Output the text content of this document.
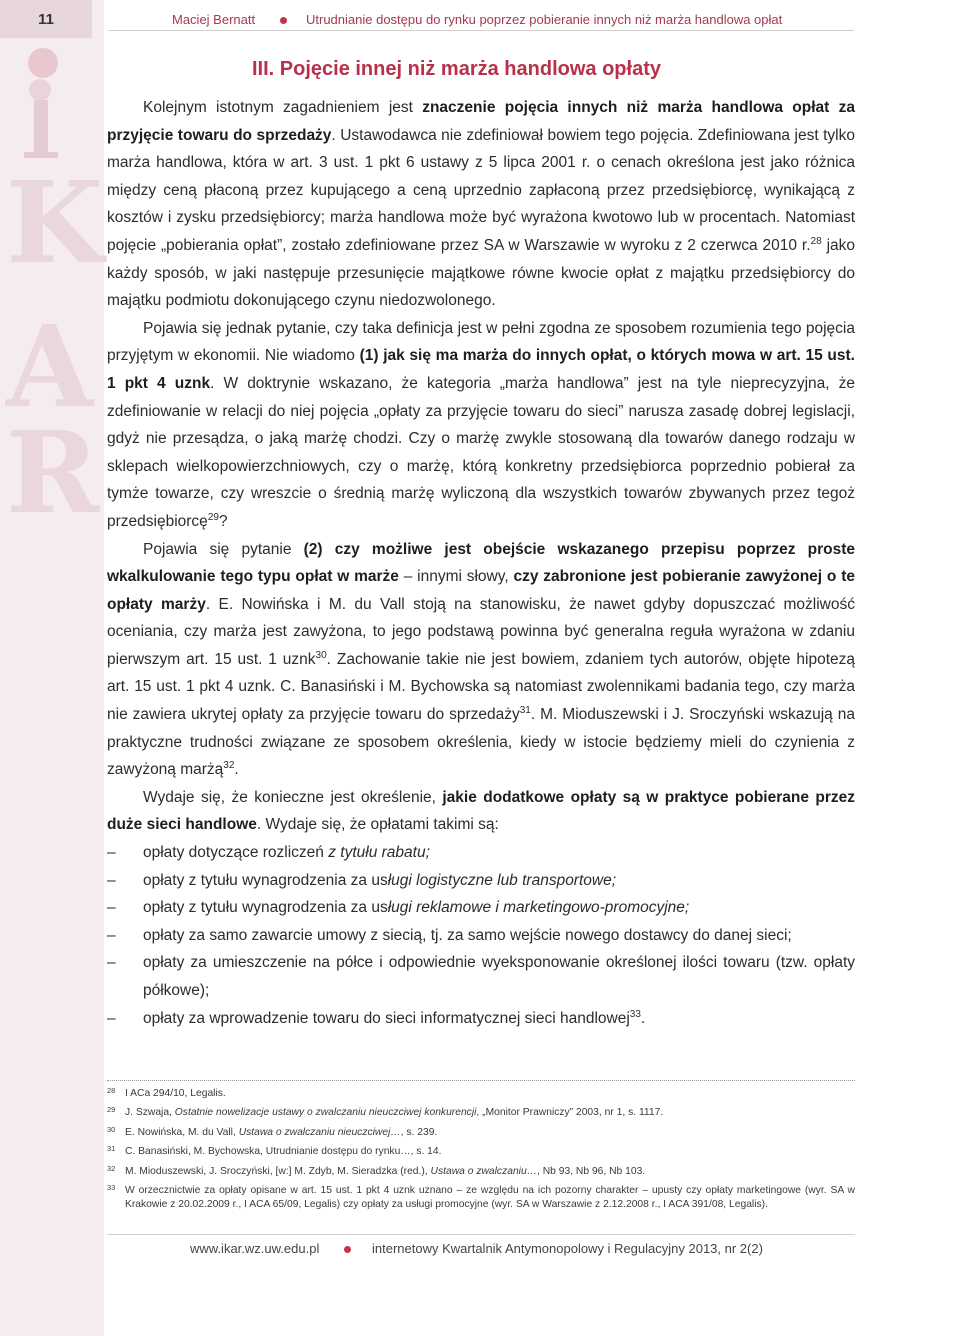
11
K
A
R
Maciej Bernatt	Utrudnianie dostępu do rynku poprzez pobieranie innych niż marża handlowa opłat
III. Pojęcie innej niż marża handlowa opłaty

Kolejnym istotnym zagadnieniem jest znaczenie pojęcia innych niż marża handlowa opłat za przyjęcie towaru do sprzedaży. Ustawodawca nie zdefiniował bowiem tego pojęcia. Zdefiniowana jest tylko marża handlowa, która w art. 3 ust. 1 pkt 6 ustawy z 5 lipca 2001 r. o cenach określona jest jako różnica między ceną płaconą przez kupującego a ceną uprzednio zapłaconą przez przedsiębiorcę, wynikającą z kosztów i zysku przedsiębiorcy; marża handlowa może być wyrażona kwotowo lub w procentach. Natomiast pojęcie „pobierania opłat”, zostało zdefiniowane przez SA w Warszawie w wyroku z 2 czerwca 2010 r.$^{28}$ jako każdy sposób, w jaki następuje przesunięcie majątkowe równe kwocie opłat z majątku przedsiębiorcy do majątku podmiotu dokonującego czynu niedozwolonego.

Pojawia się jednak pytanie, czy taka definicja jest w pełni zgodna ze sposobem rozumienia tego pojęcia przyjętym w ekonomii. Nie wiadomo (1) jak się ma marża do innych opłat, o których mowa w art. 15 ust. 1 pkt 4 uznk. W doktrynie wskazano, że kategoria „marża handlowa” jest na tyle nieprecyzyjna, że zdefiniowanie w relacji do niej pojęcia „opłaty za przyjęcie towaru do sieci” narusza zasadę dobrej legislacji, gdyż nie przesądza, o jaką marżę chodzi. Czy o marżę zwykle stosowaną dla towarów danego rodzaju w sklepach wielkopowierzchniowych, czy o marżę, którą konkretny przedsiębiorca poprzednio pobierał za tymże towarze, czy wreszcie o średnią marżę wyliczoną dla wszystkich towarów zbywanych przez tegoż przedsiębiorcę$^{29}$?

Pojawia się pytanie (2) czy możliwe jest obejście wskazanego przepisu poprzez proste wkalkulowanie tego typu opłat w marże – innymi słowy, czy zabronione jest pobieranie zawyżonej o te opłaty marży. E. Nowińska i M. du Vall stoją na stanowisku, że nawet gdyby dopuszczać możliwość oceniania, czy marża jest zawyżona, to jego podstawą powinna być generalna reguła wyrażona w zdaniu pierwszym art. 15 ust. 1 uznk$^{30}$. Zachowanie takie nie jest bowiem, zdaniem tych autorów, objęte hipotezą art. 15 ust. 1 pkt 4 uznk. C. Banasiński i M. Bychowska są natomiast zwolennikami badania tego, czy marża nie zawiera ukrytej opłaty za przyjęcie towaru do sprzedaży$^{31}$. M. Mioduszewski i J. Sroczyński wskazują na praktyczne trudności związane ze sposobem określenia, kiedy w istocie będziemy mieli do czynienia z zawyżoną marżą$^{32}$.

Wydaje się, że konieczne jest określenie, jakie dodatkowe opłaty są w praktyce pobierane przez duże sieci handlowe. Wydaje się, że opłatami takimi są:

– opłaty dotyczące rozliczeń z tytułu rabatu;
– opłaty z tytułu wynagrodzenia za usługi logistyczne lub transportowe;
– opłaty z tytułu wynagrodzenia za usługi reklamowe i marketingowo-promocyjne;
– opłaty za samo zawarcie umowy z siecią, tj. za samo wejście nowego dostawcy do danej sieci;
– opłaty za umieszczenie na półce i odpowiednie wyeksponowanie określonej ilości towaru (tzw. opłaty półkowe);
– opłaty za wprowadzenie towaru do sieci informatycznej sieci handlowej$^{33}$.
28 I ACa 294/10, Legalis.
29 J. Szwaja, Ostatnie nowelizacje ustawy o zwalczaniu nieuczciwej konkurencji, „Monitor Prawniczy” 2003, nr 1, s. 1117.
30 E. Nowińska, M. du Vall, Ustawa o zwalczaniu nieuczciwej…, s. 239.
31 C. Banasiński, M. Bychowska, Utrudnianie dostępu do rynku…, s. 14.
32 M. Mioduszewski, J. Sroczyński, [w:] M. Zdyb, M. Sieradzka (red.), Ustawa o zwalczaniu…, Nb 93, Nb 96, Nb 103.
33 W orzecznictwie za opłaty opisane w art. 15 ust. 1 pkt 4 uznk uznano – ze względu na ich pozorny charakter – upusty czy opłaty marketingowe (wyr. SA w Krakowie z 20.02.2009 r., I ACA 65/09, Legalis) czy opłaty za usługi promocyjne (wyr. SA w Warszawie z 2.12.2008 r., I ACA 391/08, Legalis).
www.ikar.wz.uw.edu.pl	internetowy Kwartalnik Antymonopolowy i Regulacyjny 2013, nr 2(2)
